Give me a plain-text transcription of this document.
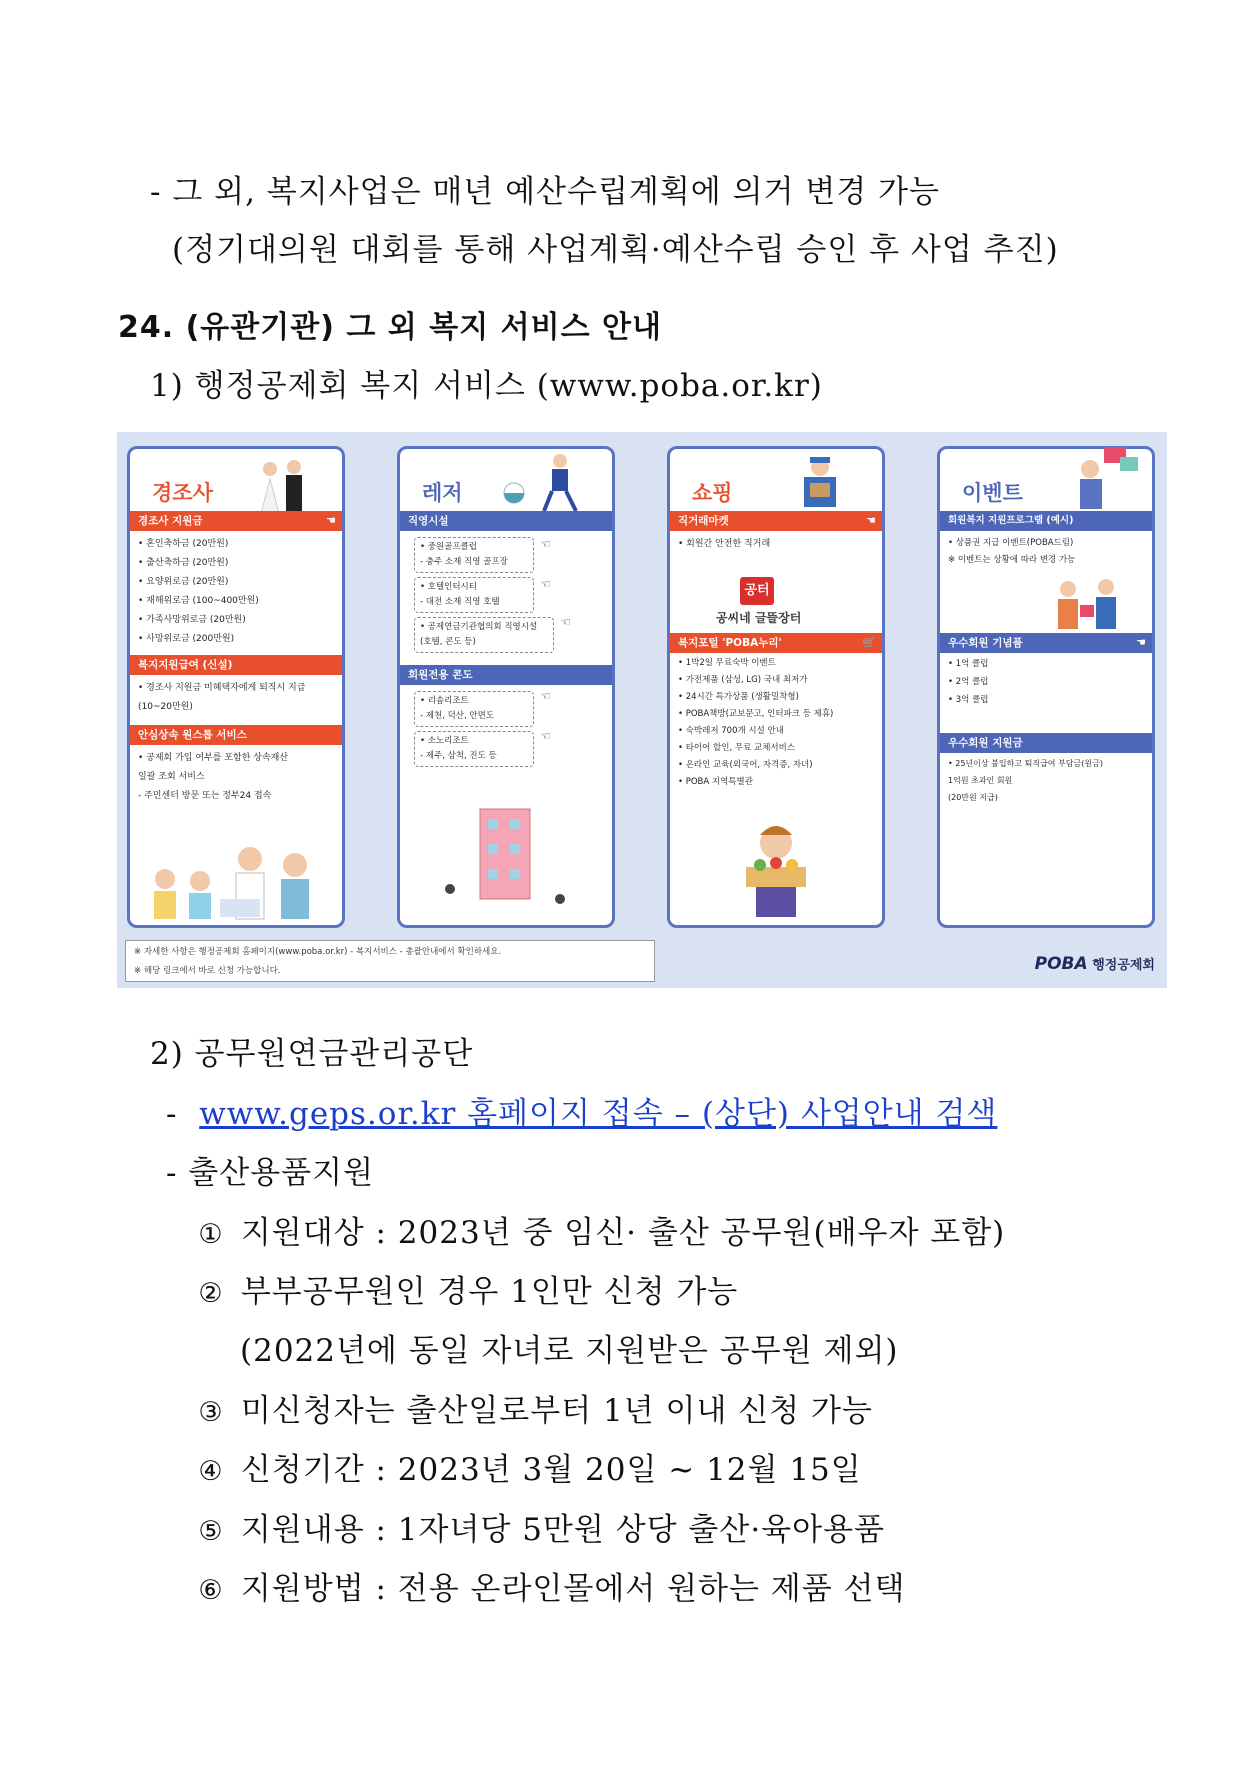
- 그 외, 복지사업은 매년 예산수립계획에 의거 변경 가능
(정기대의원 대회를 통해 사업계획·예산수립 승인 후 사업 추진)
24. (유관기관) 그 외 복지 서비스 안내
1) 행정공제회 복지 서비스 (www.poba.or.kr)
경조사
경조사 지원금	☚
• 혼인축하금 (20만원)
• 출산축하금 (20만원)
• 요양위로금 (20만원)
• 재해위로금 (100~400만원)
• 가족사망위로금 (20만원)
• 사망위로금 (200만원)
복지지원급여 (신설)
• 경조사 지원금 미혜택자에게 퇴직시 지급
(10~20만원)
안심상속 원스톱 서비스
• 공제회 가입 여부를 포함한 상속재산
일괄 조회 서비스
- 주민센터 방문 또는 정부24 접속
레저
직영시설
• 중원골프클럽
- 충주 소재 직영 골프장
☜
• 호텔인터시티
- 대전 소재 직영 호텔
☜
• 공제연금기관협의회 직영시설
(호텔, 콘도 등)
☜
회원전용 콘도
• 리솜리조트
- 제천, 덕산, 안면도
☜
• 소노리조트
- 제주, 삼척, 진도 등
☜
쇼핑
직거래마켓	☚
• 회원간 안전한 직거래
공터
공씨네 글뜰장터
복지포털 'POBA누리'	🛒
• 1박2일 무료숙박 이벤트
• 가전제품 (삼성, LG) 국내 최저가
• 24시간 특가상품 (생활밀착형)
• POBA책방(교보문고, 인터파크 등 제휴)
• 숙박레저 700개 시설 안내
• 타이어 할인, 무료 교체서비스
• 온라인 교육(외국어, 자격증, 자녀)
• POBA 지역특별관
이벤트
회원복지 지원프로그램 (예시)
• 상품권 지급 이벤트(POBA드림)
※ 이벤트는 상황에 따라 변경 가능
우수회원 기념품	☚
• 1억 클럽
• 2억 클럽
• 3억 클럽
우수회원 지원금
• 25년이상 불입하고 퇴직급여 부담금(원금)
1억원 초과인 회원
(20만원 지급)
※ 자세한 사항은 행정공제회 홈페이지(www.poba.or.kr) - 복지서비스 - 총괄안내에서 확인하세요.
※ 해당 링크에서 바로 신청 가능합니다.	POBA 행정공제회
2) 공무원연금관리공단
- www.geps.or.kr 홈페이지 접속 – (상단) 사업안내 검색
- 출산용품지원
① 지원대상 : 2023년 중 임신· 출산 공무원(배우자 포함)
② 부부공무원인 경우 1인만 신청 가능
(2022년에 동일 자녀로 지원받은 공무원 제외)
③ 미신청자는 출산일로부터 1년 이내 신청 가능
④ 신청기간 : 2023년 3월 20일 ~ 12월 15일
⑤ 지원내용 : 1자녀당 5만원 상당 출산·육아용품
⑥ 지원방법 : 전용 온라인몰에서 원하는 제품 선택
